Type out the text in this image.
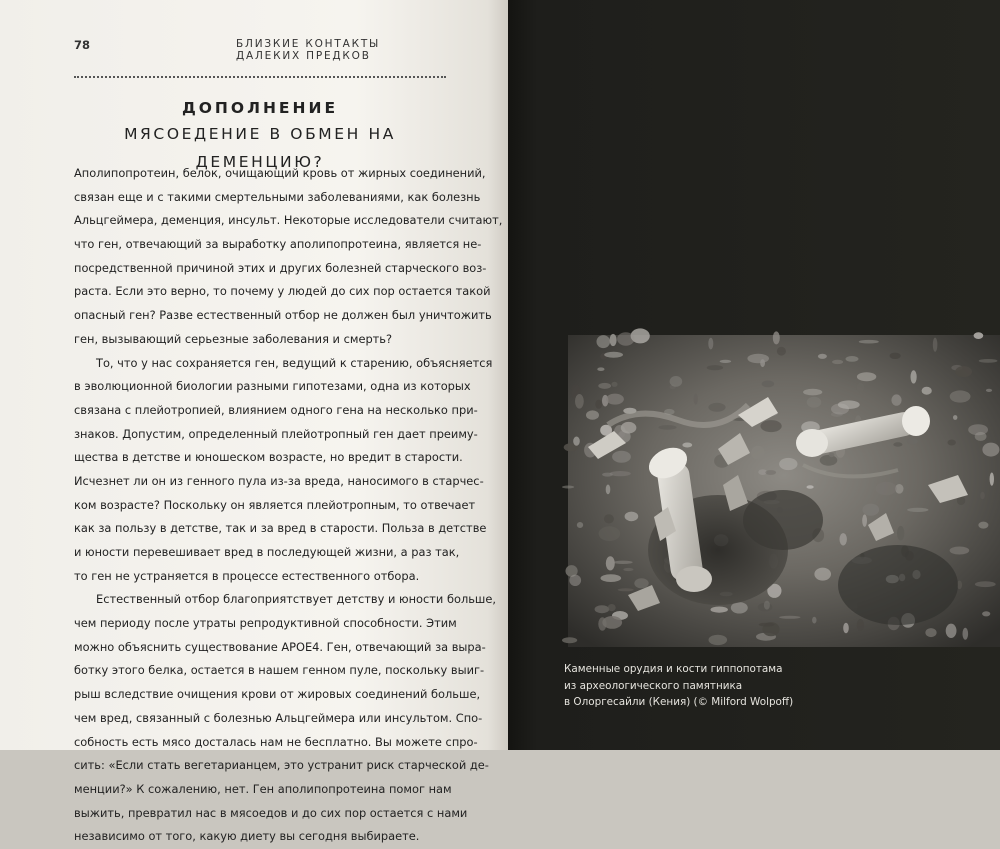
78	БЛИЗКИЕ КОНТАКТЫ ДАЛЕКИХ ПРЕДКОВ
ДОПОЛНЕНИЕ
МЯСОЕДЕНИЕ В ОБМЕН НА ДЕМЕНЦИЮ?
Аполипопротеин, белок, очищающий кровь от жирных соединений,
связан еще и с такими смертельными заболеваниями, как болезнь
Альцгеймера, деменция, инсульт. Некоторые исследователи считают,
что ген, отвечающий за выработку аполипопротеина, является не-
посредственной причиной этих и других болезней старческого воз-
раста. Если это верно, то почему у людей до сих пор остается такой
опасный ген? Разве естественный отбор не должен был уничтожить
ген, вызывающий серьезные заболевания и смерть?
То, что у нас сохраняется ген, ведущий к старению, объясняется
в эволюционной биологии разными гипотезами, одна из которых
связана с плейотропией, влиянием одного гена на несколько при-
знаков. Допустим, определенный плейотропный ген дает преиму-
щества в детстве и юношеском возрасте, но вредит в старости.
Исчезнет ли он из генного пула из-за вреда, наносимого в старчес-
ком возрасте? Поскольку он является плейотропным, то отвечает
как за пользу в детстве, так и за вред в старости. Польза в детстве
и юности перевешивает вред в последующей жизни, а раз так,
то ген не устраняется в процессе естественного отбора.
Естественный отбор благоприятствует детству и юности больше,
чем периоду после утраты репродуктивной способности. Этим
можно объяснить существование APOE4. Ген, отвечающий за выра-
ботку этого белка, остается в нашем генном пуле, поскольку выиг-
рыш вследствие очищения крови от жировых соединений больше,
чем вред, связанный с болезнью Альцгеймера или инсультом. Спо-
собность есть мясо досталась нам не бесплатно. Вы можете спро-
сить: «Если стать вегетарианцем, это устранит риск старческой де-
менции?» К сожалению, нет. Ген аполипопротеина помог нам
выжить, превратил нас в мясоедов и до сих пор остается с нами
независимо от того, какую диету вы сегодня выбираете.
Каменные орудия и кости гиппопотама
из археологического памятника
в Олоргесайли (Кения) (© Milford Wolpoff)
